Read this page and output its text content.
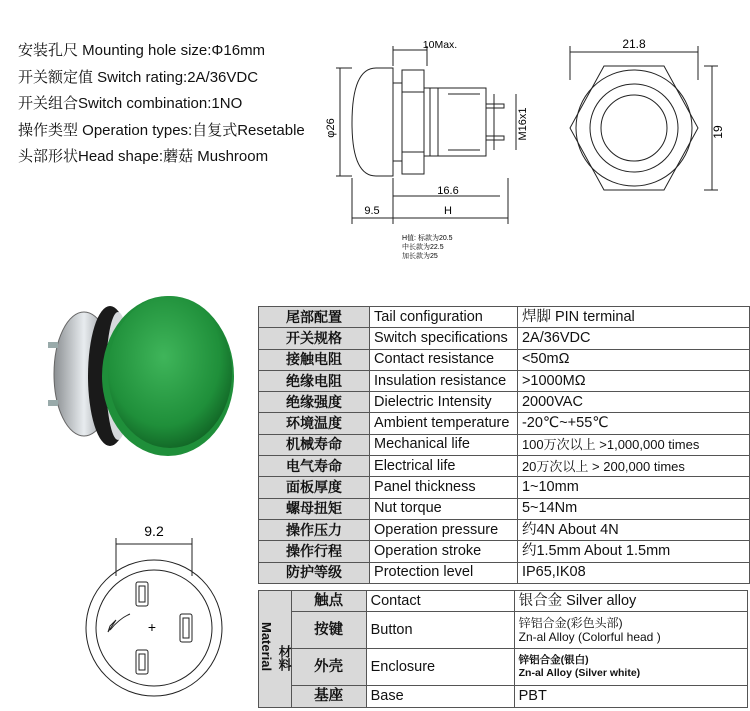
安装孔尺 Mounting hole size:Φ16mm
开关额定值 Switch rating:2A/36VDC
开关组合Switch combination:1NO
操作类型 Operation types:自复式Resetable
头部形状Head shape:蘑菇 Mushroom
10Max.
φ26	M16x1
16.6
9.5	H
H值: 标款为20.5
中长款为22.5
加长款为25
21.8
19
9.2
+
尾部配置	Tail configuration	焊脚 PIN terminal
开关规格	Switch specifications	2A/36VDC
接触电阻	Contact resistance	<50mΩ
绝缘电阻	Insulation resistance	>1000MΩ
绝缘强度	Dielectric Intensity	2000VAC
环境温度	Ambient temperature	-20℃~+55℃
机械寿命	Mechanical life	100万次以上 >1,000,000 times
电气寿命	Electrical life	20万次以上 > 200,000 times
面板厚度	Panel thickness	1~10mm
螺母扭矩	Nut torque	5~14Nm
操作压力	Operation pressure	约4N About 4N
操作行程	Operation stroke	约1.5mm About 1.5mm
防护等级	Protection level	IP65,IK08
Material 材料	触点	Contact	银合金 Silver alloy
	按键	Button	锌铝合金(彩色头部)
Zn-al Alloy (Colorful head )

	外壳	Enclosure	锌铝合金(银白)
Zn-al Alloy (Silver white)

	基座	Base	PBT
